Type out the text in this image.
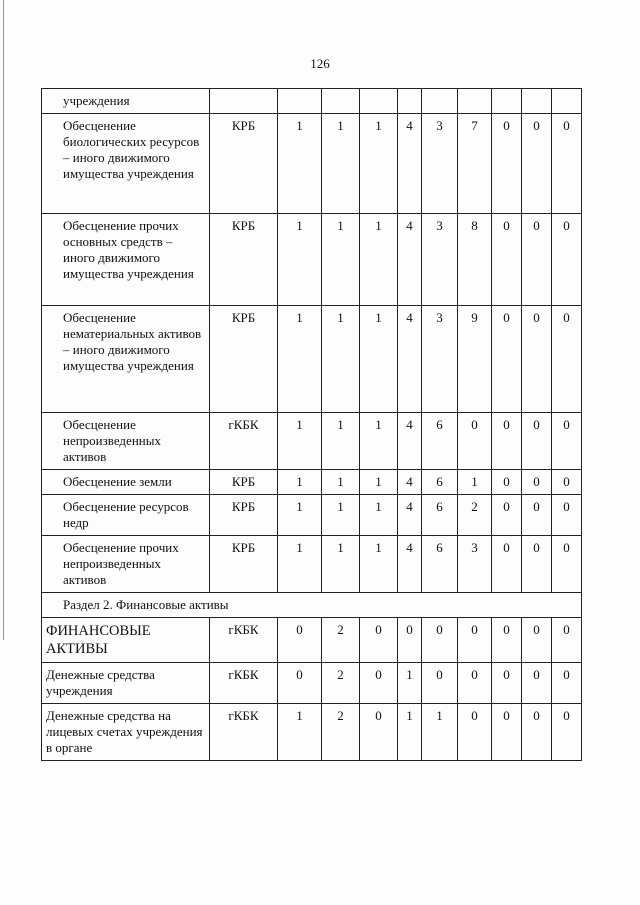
126
учреждения										
Обесценение биологических ресурсов – иного движимого имущества учреждения	КРБ	1	1	1	4	3	7	0	0	0
Обесценение прочих основных средств – иного движимого имущества учреждения	КРБ	1	1	1	4	3	8	0	0	0
Обесценение нематериальных активов – иного движимого имущества учреждения	КРБ	1	1	1	4	3	9	0	0	0
Обесценение непроизведенных активов	гКБК	1	1	1	4	6	0	0	0	0
Обесценение земли	КРБ	1	1	1	4	6	1	0	0	0
Обесценение ресурсов недр	КРБ	1	1	1	4	6	2	0	0	0
Обесценение прочих непроизведенных активов	КРБ	1	1	1	4	6	3	0	0	0
Раздел 2. Финансовые активы										
ФИНАНСОВЫЕ АКТИВЫ	гКБК	0	2	0	0	0	0	0	0	0
Денежные средства учреждения	гКБК	0	2	0	1	0	0	0	0	0
Денежные средства на лицевых счетах учреждения в органе	гКБК	1	2	0	1	1	0	0	0	0
